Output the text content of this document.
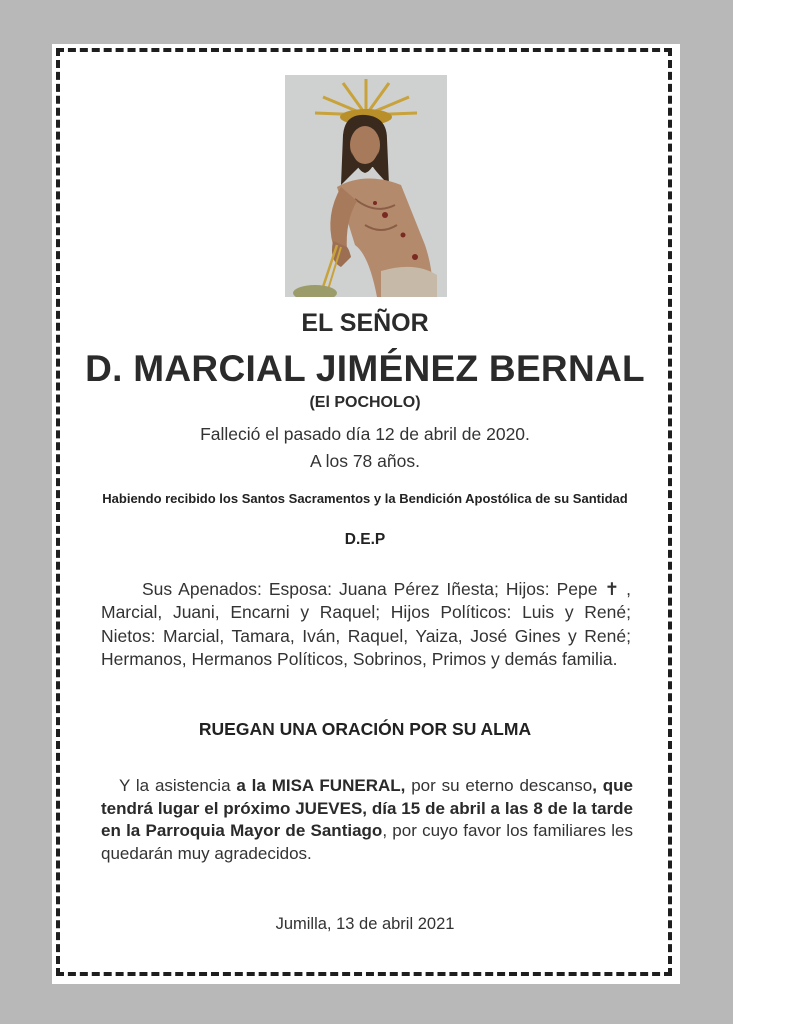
EL SEÑOR
D. MARCIAL JIMÉNEZ BERNAL
(El POCHOLO)
Falleció el pasado día 12 de abril de 2020.
A los 78 años.
Habiendo recibido los Santos Sacramentos y la Bendición Apostólica de su Santidad
D.E.P
Sus Apenados: Esposa: Juana Pérez Iñesta; Hijos: Pepe ✝ , Marcial, Juani, Encarni y Raquel; Hijos Políticos: Luis y René; Nietos: Marcial, Tamara, Iván, Raquel, Yaiza, José Gines y René; Hermanos, Hermanos Políticos, Sobrinos, Primos y demás familia.
RUEGAN UNA ORACIÓN POR SU ALMA
Y la asistencia a la MISA FUNERAL, por su eterno descanso, que tendrá lugar el próximo JUEVES, día 15 de abril a las 8 de la tarde en la Parroquia Mayor de Santiago, por cuyo favor los familiares les quedarán muy agradecidos.
Jumilla, 13 de abril 2021
